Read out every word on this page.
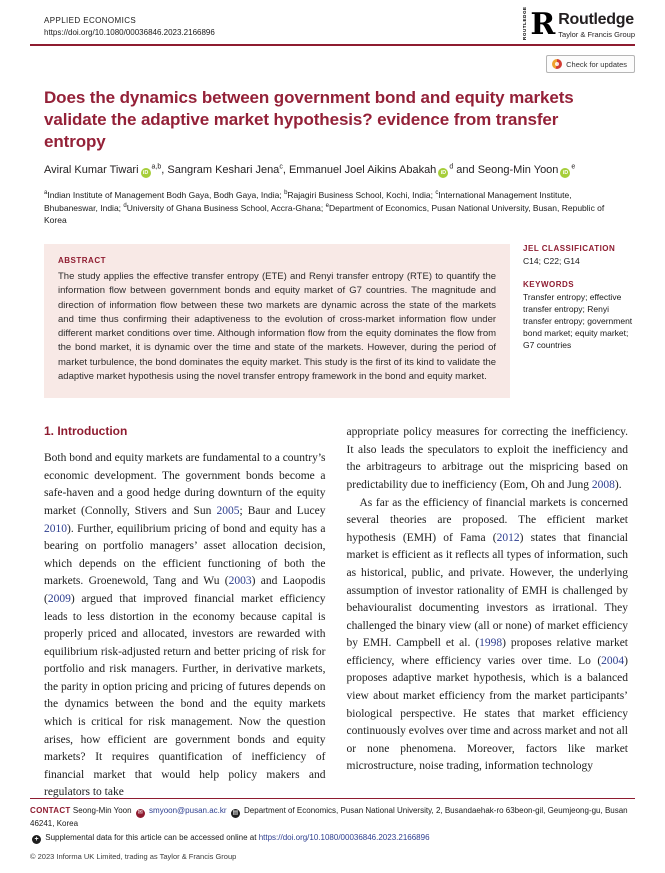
APPLIED ECONOMICS
https://doi.org/10.1080/00036846.2023.2166896	ROUTLEDGE R Routledge
Taylor & Francis Group
Check for updates
Does the dynamics between government bond and equity markets validate the adaptive market hypothesis? evidence from transfer entropy
Aviral Kumar Tiwari iD$^{a,b}$, Sangram Keshari Jena$^c$, Emmanuel Joel Aikins Abakah $iD^d$ and Seong-Min Yoon $iD^e$
$^a$Indian Institute of Management Bodh Gaya, Bodh Gaya, India; $^b$Rajagiri Business School, Kochi, India; $^c$International Management Institute, Bhubaneswar, India; $^d$University of Ghana Business School, Accra-Ghana; $^e$Department of Economics, Pusan National University, Busan, Republic of Korea
ABSTRACT
The study applies the effective transfer entropy (ETE) and Renyi transfer entropy (RTE) to quantify the information flow between government bonds and equity market of G7 countries. The magnitude and direction of information flow between these two markets are dynamic across the state of the markets and time thus confirming their adaptiveness to the evolution of cross-market information flow under different market conditions over time. Although information flow from the equity dominates the flow from the bond market, it is dynamic over the time and state of the markets. However, during the period of market turbulence, the bond dominates the equity market. This study is the first of its kind to validate the adaptive market hypothesis using the novel transfer entropy framework in the bond and equity market.
JEL CLASSIFICATION
C14; C22; G14
KEYWORDS
Transfer entropy; effective transfer entropy; Renyi transfer entropy; government bond market; equity market; G7 countries
1. Introduction

Both bond and equity markets are fundamental to a country’s economic development. The government bonds become a safe-haven and a good hedge during downturn of the equity market (Connolly, Stivers and Sun 2005; Baur and Lucey 2010). Further, equilibrium pricing of bond and equity has a bearing on portfolio managers’ asset allocation decision, which depends on the efficient functioning of both the markets. Groenewold, Tang and Wu (2003) and Laopodis (2009) argued that improved financial market efficiency leads to less distortion in the economy because capital is properly priced and allocated, investors are rewarded with equilibrium risk-adjusted return and better pricing of risk for portfolio and risk managers. Further, in derivative markets, the parity in option pricing and pricing of futures depends on the dynamics between the bond and the equity markets which is critical for risk management. Now the question arises, how efficient are government bonds and equity markets? It requires quantification of inefficiency of financial market that would help policy makers and regulators to take

appropriate policy measures for correcting the inefficiency. It also leads the speculators to exploit the inefficiency and the arbitrageurs to arbitrage out the mispricing based on predictability due to inefficiency (Eom, Oh and Jung 2008).

As far as the efficiency of financial markets is concerned several theories are proposed. The efficient market hypothesis (EMH) of Fama (2012) states that financial market is efficient as it reflects all types of information, such as historical, public, and private. However, the underlying assumption of investor rationality of EMH is challenged by behaviouralist documenting investors as irrational. They challenged the binary view (all or none) of market efficiency by EMH. Campbell et al. (1998) proposes relative market efficiency, where efficiency varies over time. Lo (2004) proposes adaptive market hypothesis, which is a balanced view about market efficiency from the market participants’ biological perspective. He states that market efficiency continuously evolves over time and across market and not all or none phenomena. Moreover, factors like market microstructure, noise trading, information technology

CONTACT Seong-Min Yoon ✉ smyoon@pusan.ac.kr ▤ Department of Economics, Pusan National University, 2, Busandaehak-ro 63beon-gil, Geumjeong-gu, Busan 46241, Korea
+ Supplemental data for this article can be accessed online at https://doi.org/10.1080/00036846.2023.2166896
© 2023 Informa UK Limited, trading as Taylor & Francis Group
